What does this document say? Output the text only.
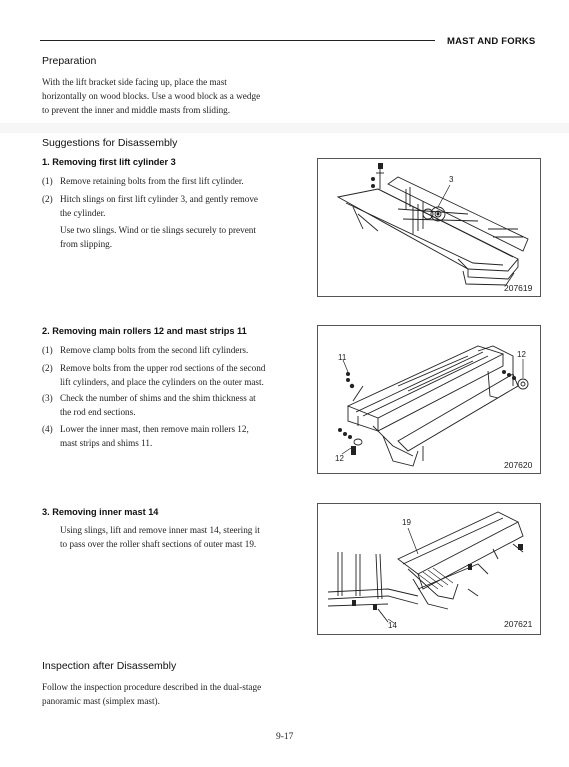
MAST AND FORKS
Preparation
With the lift bracket side facing up, place the mast
horizontally on wood blocks. Use a wood block as a wedge
to prevent the inner and middle masts from sliding.
Suggestions for Disassembly
1. Removing first lift cylinder 3
(1) Remove retaining bolts from the first lift cylinder.
(2) Hitch slings on first lift cylinder 3, and gently remove
the cylinder.
Use two slings. Wind or tie slings securely to prevent
from slipping.
3
207619
2. Removing main rollers 12 and mast strips 11
(1) Remove clamp bolts from the second lift cylinders.
(2) Remove bolts from the upper rod sections of the second
lift cylinders, and place the cylinders on the outer mast.
(3) Check the number of shims and the shim thickness at
the rod end sections.
(4) Lower the inner mast, then remove main rollers 12,
mast strips and shims 11.
11	12
12
207620
3. Removing inner mast 14
Using slings, lift and remove inner mast 14, steering it
to pass over the roller shaft sections of outer mast 19.
19
14	207621
Inspection after Disassembly
Follow the inspection procedure described in the dual-stage
panoramic mast (simplex mast).
9-17
